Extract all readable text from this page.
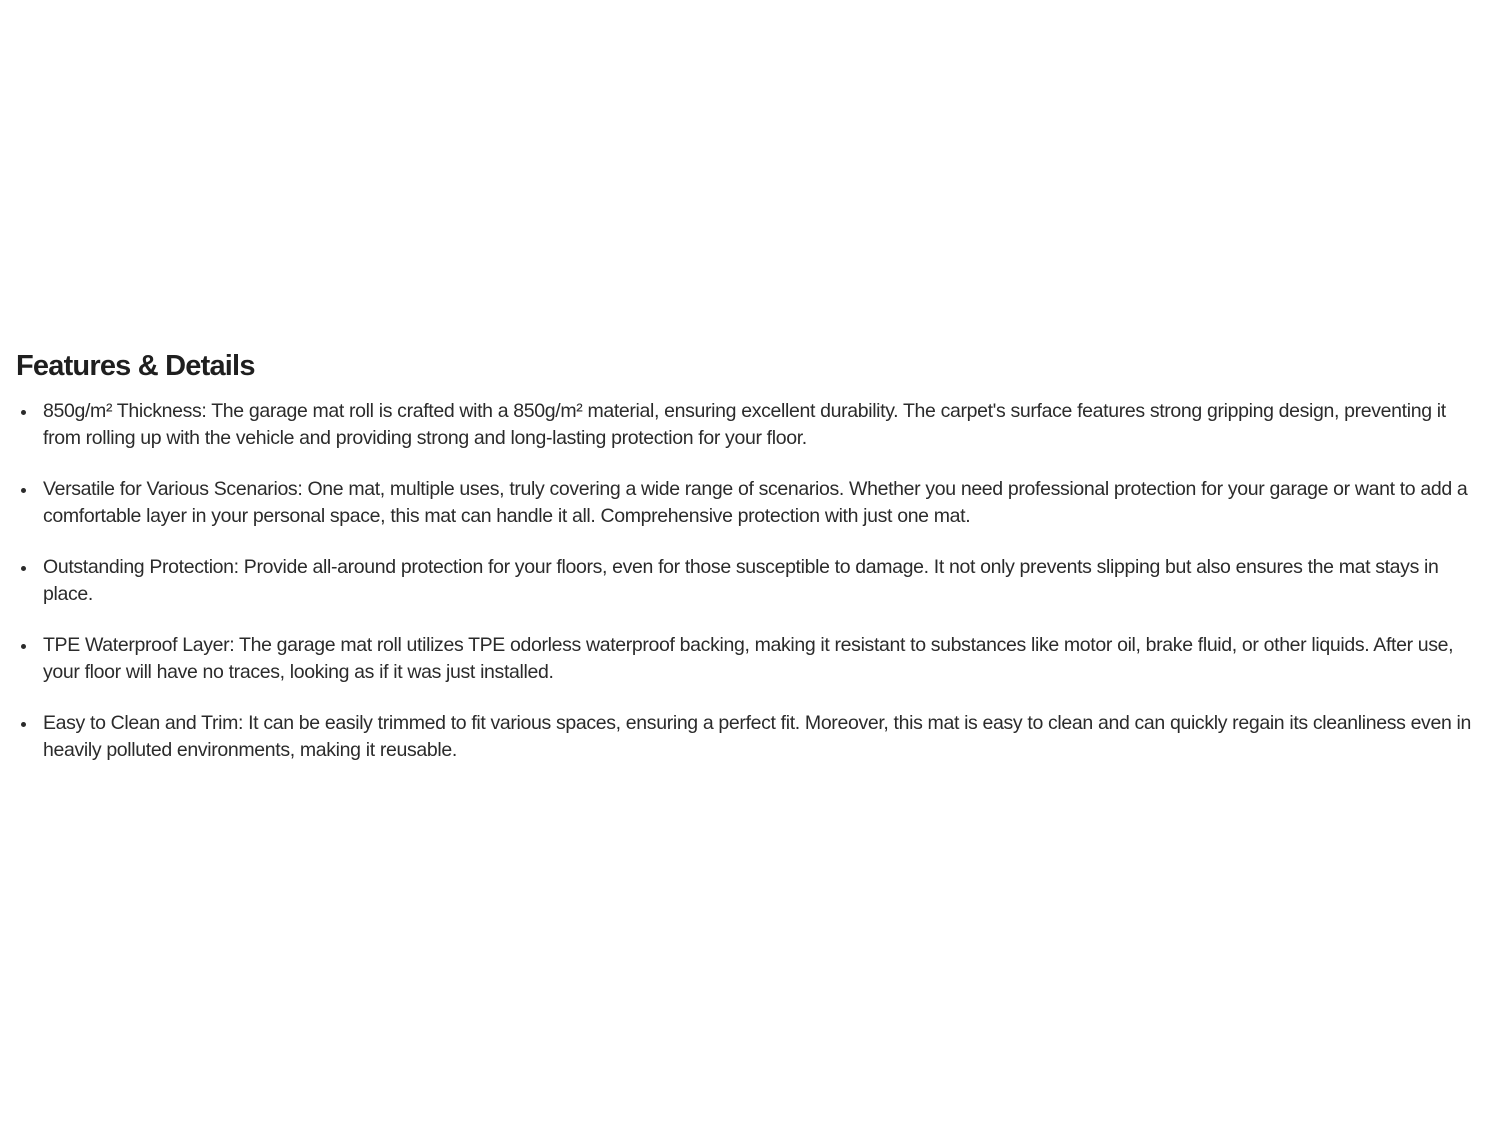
Features & Details
850g/m² Thickness: The garage mat roll is crafted with a 850g/m² material, ensuring excellent durability. The carpet's surface features strong gripping design, preventing it from rolling up with the vehicle and providing strong and long-lasting protection for your floor.
Versatile for Various Scenarios: One mat, multiple uses, truly covering a wide range of scenarios. Whether you need professional protection for your garage or want to add a comfortable layer in your personal space, this mat can handle it all. Comprehensive protection with just one mat.
Outstanding Protection: Provide all-around protection for your floors, even for those susceptible to damage. It not only prevents slipping but also ensures the mat stays in place.
TPE Waterproof Layer: The garage mat roll utilizes TPE odorless waterproof backing, making it resistant to substances like motor oil, brake fluid, or other liquids. After use, your floor will have no traces, looking as if it was just installed.
Easy to Clean and Trim: It can be easily trimmed to fit various spaces, ensuring a perfect fit. Moreover, this mat is easy to clean and can quickly regain its cleanliness even in heavily polluted environments, making it reusable.
